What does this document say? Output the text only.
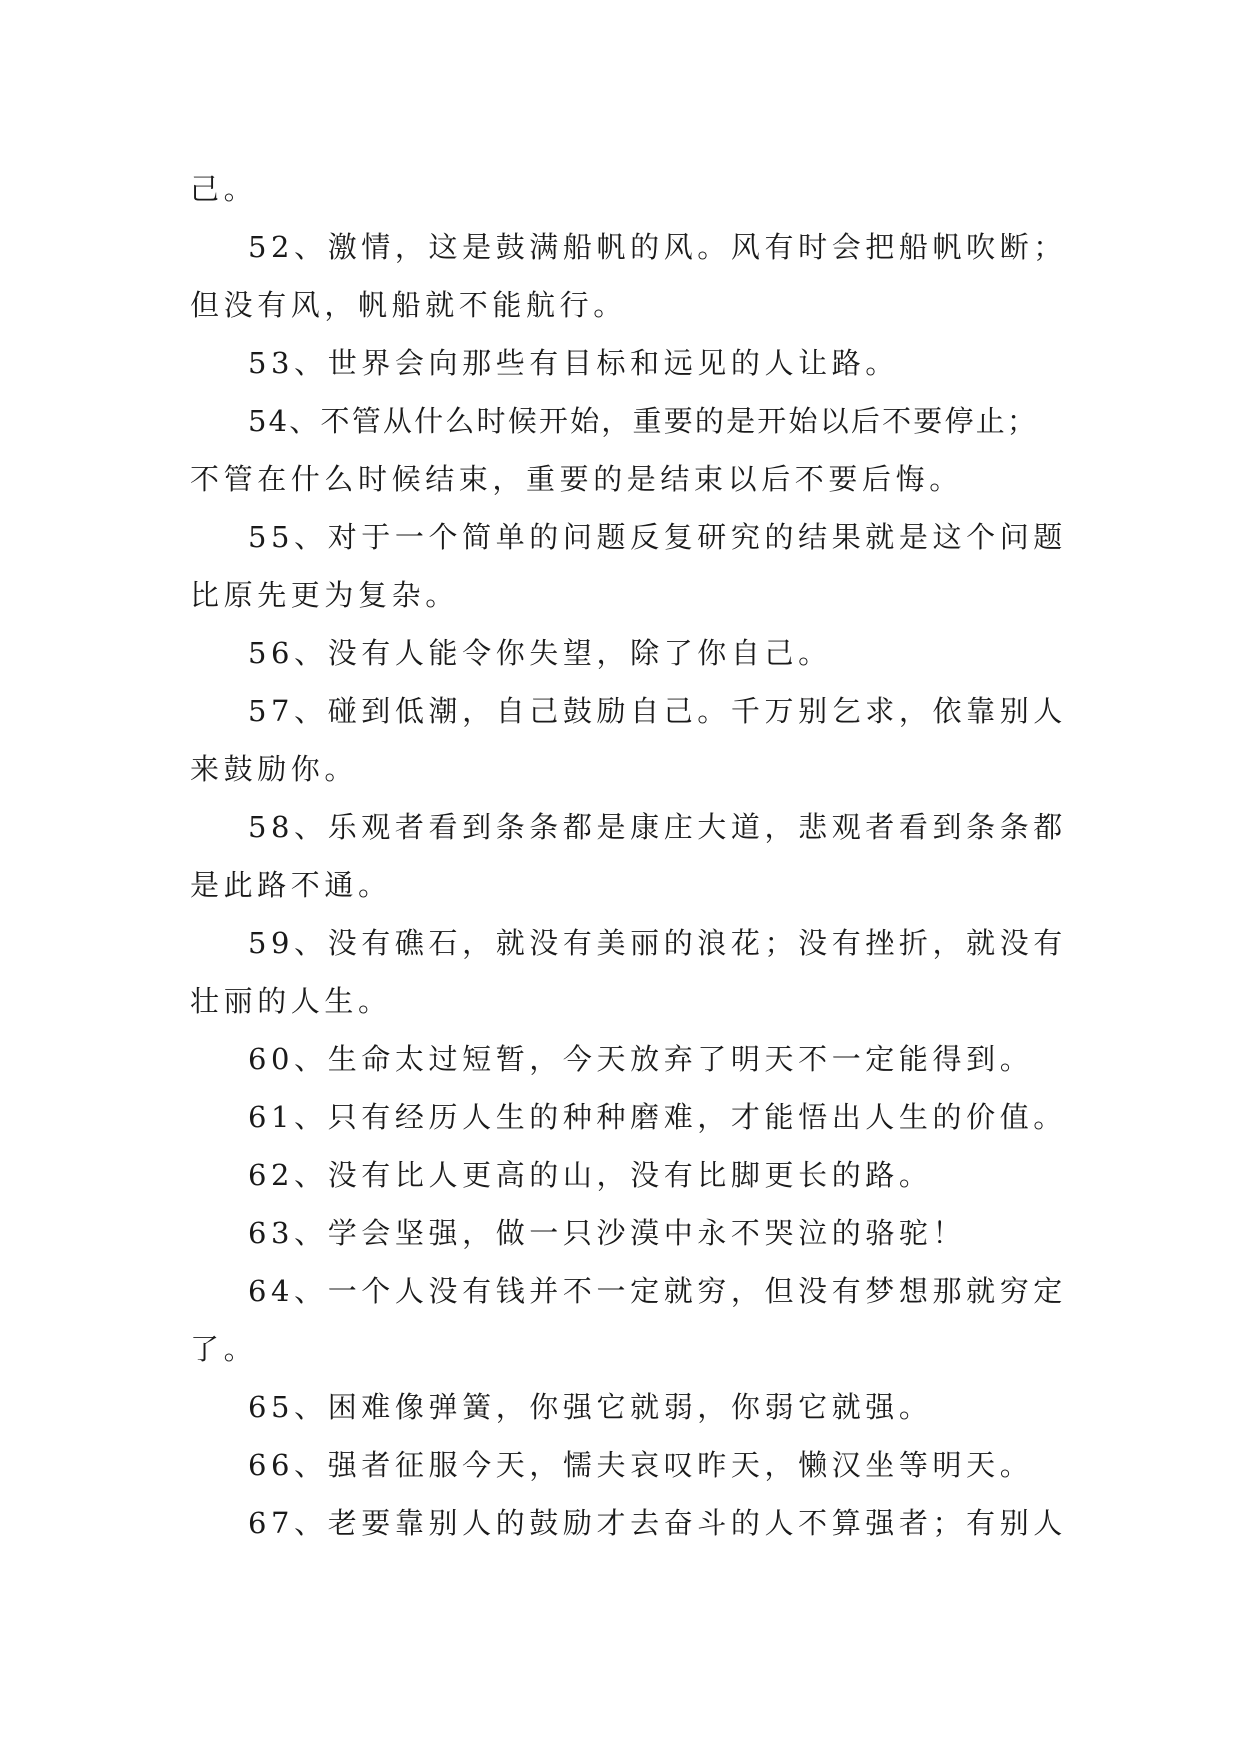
己。

52、激情，这是鼓满船帆的风。风有时会把船帆吹断；
但没有风，帆船就不能航行。

53、世界会向那些有目标和远见的人让路。

54、不管从什么时候开始，重要的是开始以后不要停止；
不管在什么时候结束，重要的是结束以后不要后悔。

55、对于一个简单的问题反复研究的结果就是这个问题
比原先更为复杂。

56、没有人能令你失望，除了你自己。

57、碰到低潮，自己鼓励自己。千万别乞求，依靠别人
来鼓励你。

58、乐观者看到条条都是康庄大道，悲观者看到条条都
是此路不通。

59、没有礁石，就没有美丽的浪花；没有挫折，就没有
壮丽的人生。

60、生命太过短暂，今天放弃了明天不一定能得到。

61、只有经历人生的种种磨难，才能悟出人生的价值。

62、没有比人更高的山，没有比脚更长的路。

63、学会坚强，做一只沙漠中永不哭泣的骆驼！

64、一个人没有钱并不一定就穷，但没有梦想那就穷定
了。

65、困难像弹簧，你强它就弱，你弱它就强。

66、强者征服今天，懦夫哀叹昨天，懒汉坐等明天。

67、老要靠别人的鼓励才去奋斗的人不算强者；有别人
